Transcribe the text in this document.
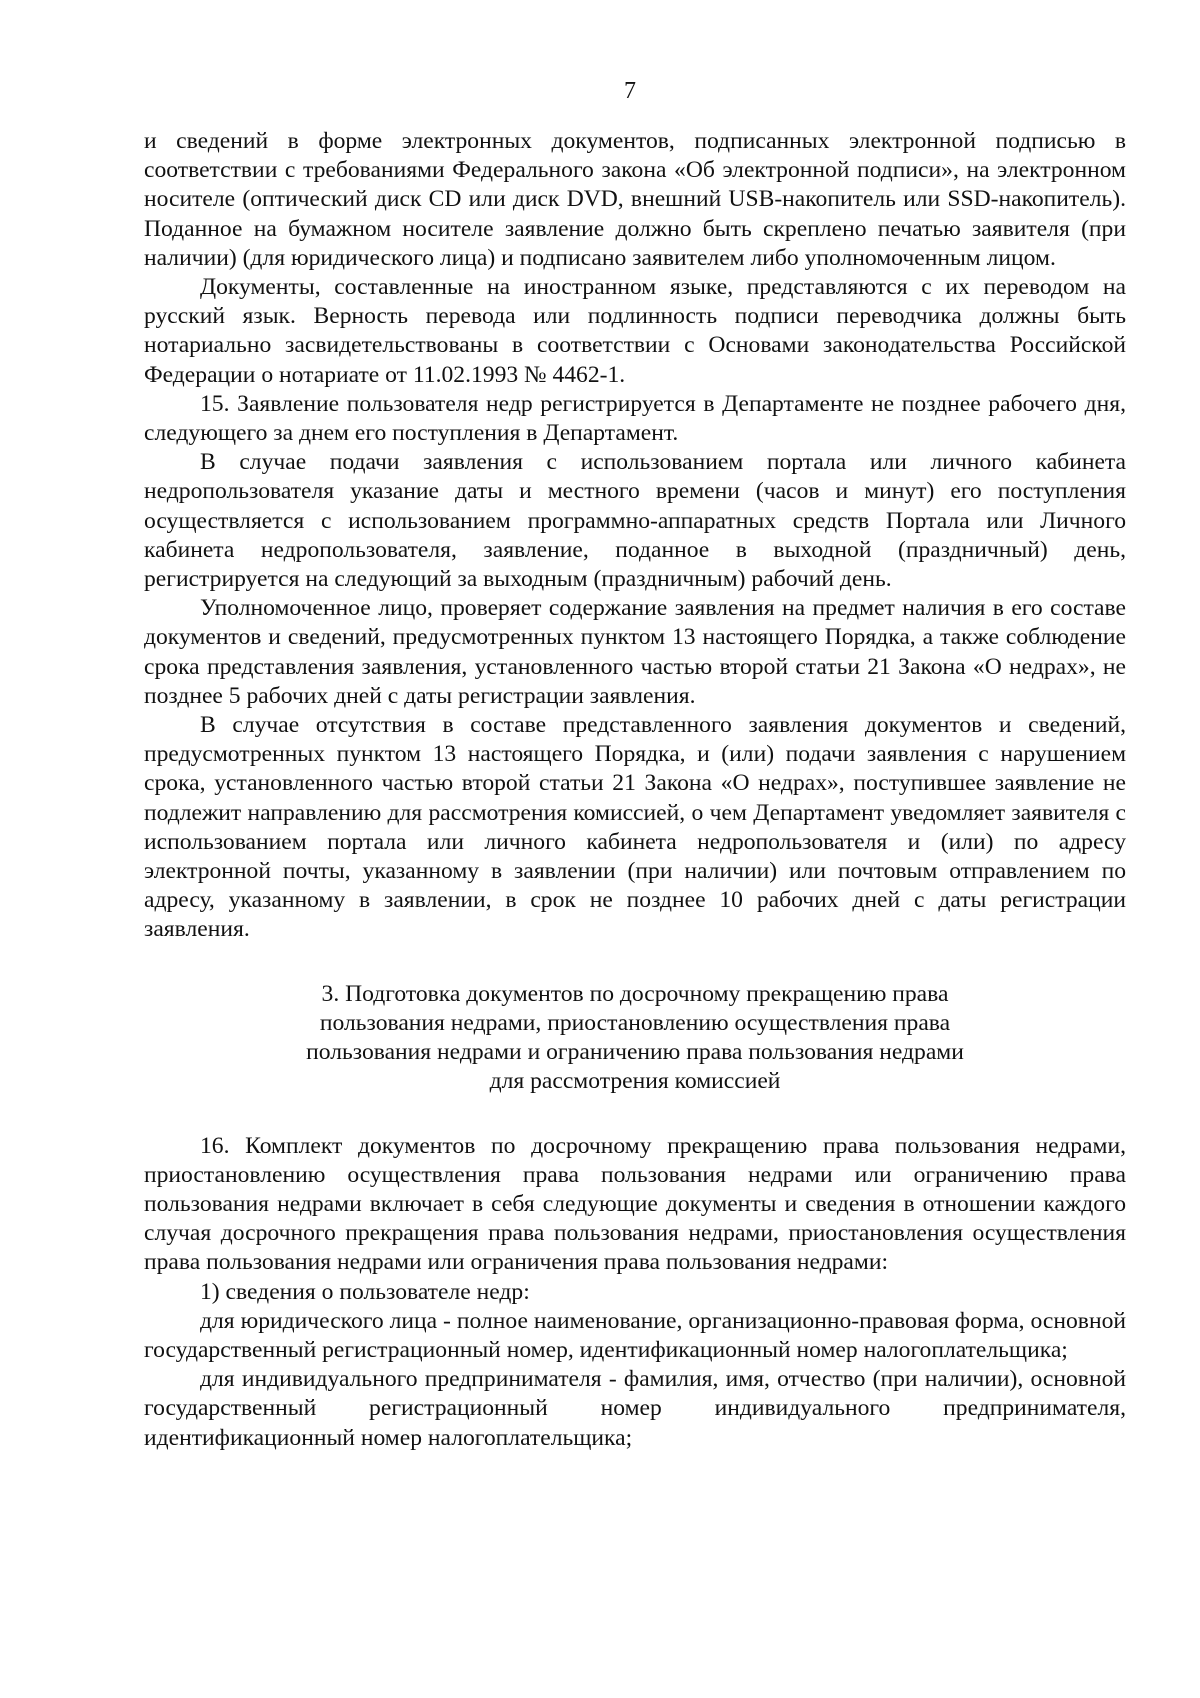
7

и сведений в форме электронных документов, подписанных электронной подписью в соответствии с требованиями Федерального закона «Об электронной подписи», на электронном носителе (оптический диск CD или диск DVD, внешний USB-накопитель или SSD-накопитель). Поданное на бумажном носителе заявление должно быть скреплено печатью заявителя (при наличии) (для юридического лица) и подписано заявителем либо уполномоченным лицом.

Документы, составленные на иностранном языке, представляются с их переводом на русский язык. Верность перевода или подлинность подписи переводчика должны быть нотариально засвидетельствованы в соответствии с Основами законодательства Российской Федерации о нотариате от 11.02.1993 № 4462-1.

15. Заявление пользователя недр регистрируется в Департаменте не позднее рабочего дня, следующего за днем его поступления в Департамент.

В случае подачи заявления с использованием портала или личного кабинета недропользователя указание даты и местного времени (часов и минут) его поступления осуществляется с использованием программно-аппаратных средств Портала или Личного кабинета недропользователя, заявление, поданное в выходной (праздничный) день, регистрируется на следующий за выходным (праздничным) рабочий день.

Уполномоченное лицо, проверяет содержание заявления на предмет наличия в его составе документов и сведений, предусмотренных пунктом 13 настоящего Порядка, а также соблюдение срока представления заявления, установленного частью второй статьи 21 Закона «О недрах», не позднее 5 рабочих дней с даты регистрации заявления.

В случае отсутствия в составе представленного заявления документов и сведений, предусмотренных пунктом 13 настоящего Порядка, и (или) подачи заявления с нарушением срока, установленного частью второй статьи 21 Закона «О недрах», поступившее заявление не подлежит направлению для рассмотрения комиссией, о чем Департамент уведомляет заявителя с использованием портала или личного кабинета недропользователя и (или) по адресу электронной почты, указанному в заявлении (при наличии) или почтовым отправлением по адресу, указанному в заявлении, в срок не позднее 10 рабочих дней с даты регистрации заявления.

3. Подготовка документов по досрочному прекращению права
пользования недрами, приостановлению осуществления права
пользования недрами и ограничению права пользования недрами
для рассмотрения комиссией

16. Комплект документов по досрочному прекращению права пользования недрами, приостановлению осуществления права пользования недрами или ограничению права пользования недрами включает в себя следующие документы и сведения в отношении каждого случая досрочного прекращения права пользования недрами, приостановления осуществления права пользования недрами или ограничения права пользования недрами:

1) сведения о пользователе недр:

для юридического лица - полное наименование, организационно-правовая форма, основной государственный регистрационный номер, идентификационный номер налогоплательщика;

для индивидуального предпринимателя - фамилия, имя, отчество (при наличии), основной государственный регистрационный номер индивидуального предпринимателя, идентификационный номер налогоплательщика;
